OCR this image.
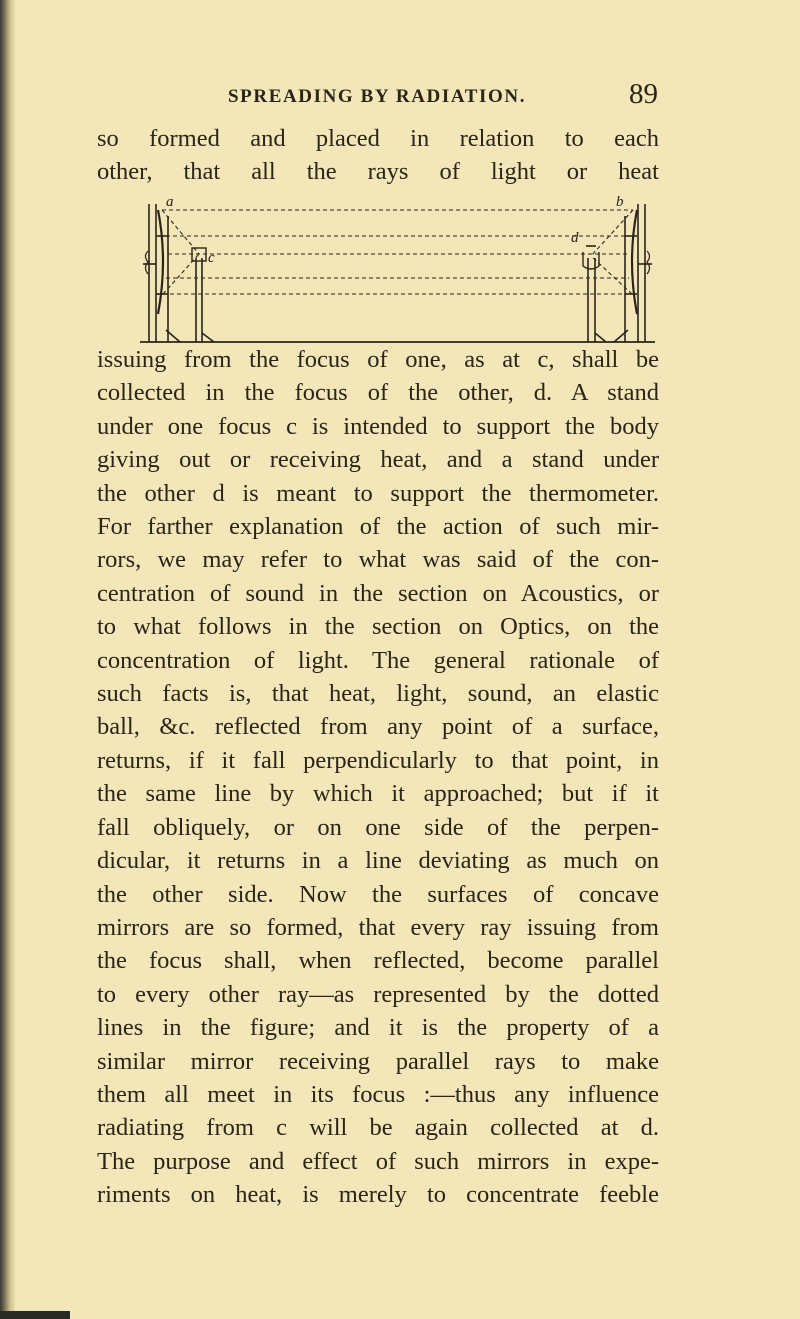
SPREADING BY RADIATION.	89
so formed and placed in relation to each
other, that all the rays of light or heat
a	b
c
d
issuing from the focus of one, as at c, shall be
collected in the focus of the other, d. A stand
under one focus c is intended to support the body
giving out or receiving heat, and a stand under
the other d is meant to support the thermometer.
For farther explanation of the action of such mir-
rors, we may refer to what was said of the con-
centration of sound in the section on Acoustics, or
to what follows in the section on Optics, on the
concentration of light. The general rationale of
such facts is, that heat, light, sound, an elastic
ball, &c. reflected from any point of a surface,
returns, if it fall perpendicularly to that point, in
the same line by which it approached; but if it
fall obliquely, or on one side of the perpen-
dicular, it returns in a line deviating as much on
the other side. Now the surfaces of concave
mirrors are so formed, that every ray issuing from
the focus shall, when reflected, become parallel
to every other ray—as represented by the dotted
lines in the figure; and it is the property of a
similar mirror receiving parallel rays to make
them all meet in its focus :—thus any influence
radiating from c will be again collected at d.
The purpose and effect of such mirrors in expe-
riments on heat, is merely to concentrate feeble
